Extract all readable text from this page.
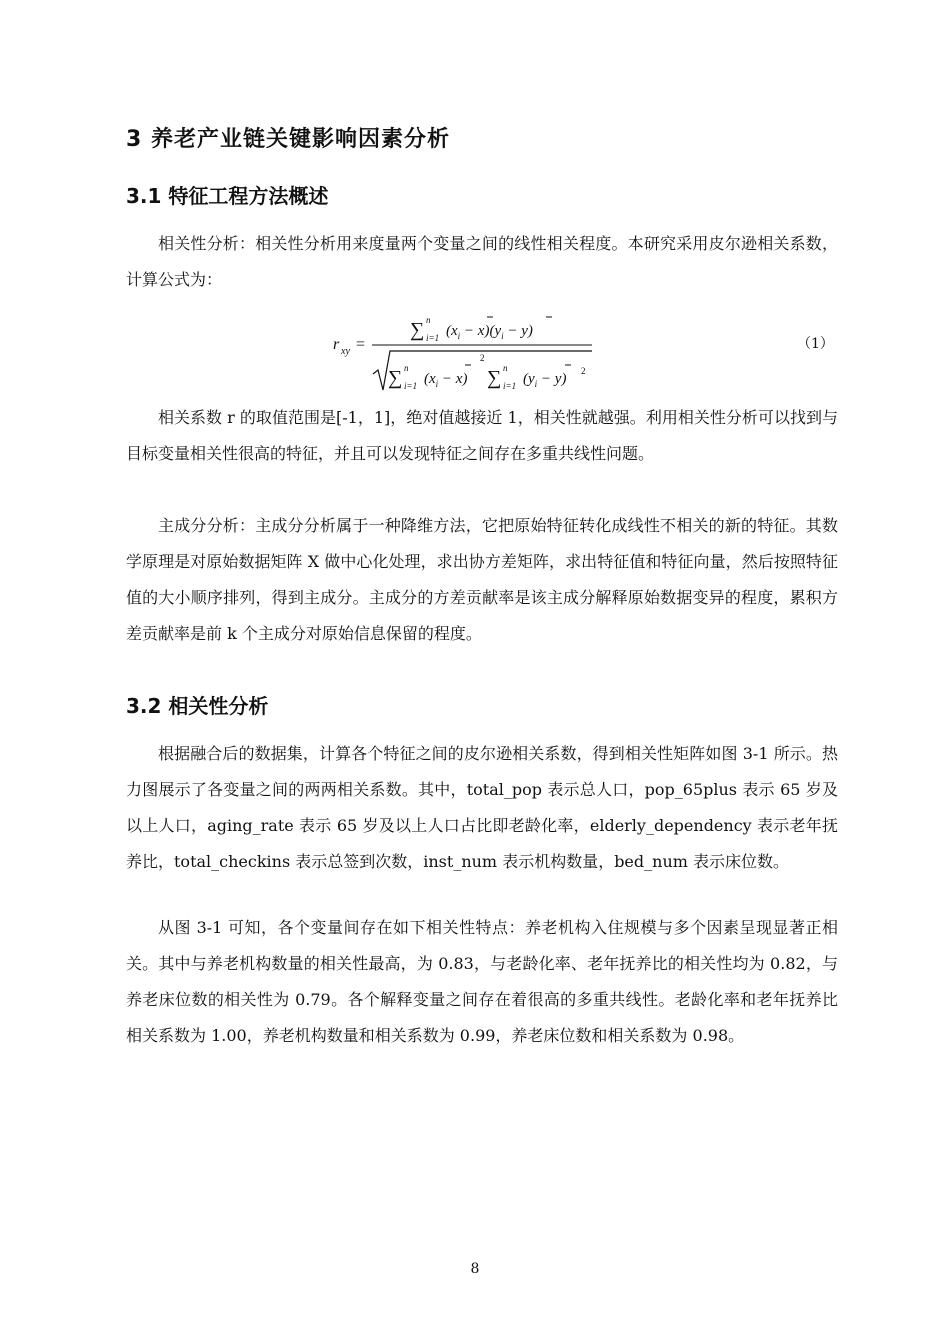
3 养老产业链关键影响因素分析
3.1 特征工程方法概述

相关性分析：相关性分析用来度量两个变量之间的线性相关程度。本研究采用皮尔逊相关系数，计算公式为：

r xy =
∑ n
i=1 $(x_i - x)(y_i - y)$
∑ n
i=1 $(x_i - x)$
2
∑ n
i=1 $(y_i - y)$ 2
（1）

相关系数 r 的取值范围是[-1，1]，绝对值越接近 1，相关性就越强。利用相关性分析可以找到与目标变量相关性很高的特征，并且可以发现特征之间存在多重共线性问题。

主成分分析：主成分分析属于一种降维方法，它把原始特征转化成线性不相关的新的特征。其数学原理是对原始数据矩阵 X 做中心化处理，求出协方差矩阵，求出特征值和特征向量，然后按照特征值的大小顺序排列，得到主成分。主成分的方差贡献率是该主成分解释原始数据变异的程度，累积方差贡献率是前 k 个主成分对原始信息保留的程度。

3.2 相关性分析

根据融合后的数据集，计算各个特征之间的皮尔逊相关系数，得到相关性矩阵如图 3-1 所示。热力图展示了各变量之间的两两相关系数。其中，total_pop 表示总人口，pop_65plus 表示 65 岁及以上人口，aging_rate 表示 65 岁及以上人口占比即老龄化率，elderly_dependency 表示老年抚养比，total_checkins 表示总签到次数，inst_num 表示机构数量，bed_num 表示床位数。

从图 3-1 可知，各个变量间存在如下相关性特点：养老机构入住规模与多个因素呈现显著正相关。其中与养老机构数量的相关性最高，为 0.83，与老龄化率、老年抚养比的相关性均为 0.82，与养老床位数的相关性为 0.79。各个解释变量之间存在着很高的多重共线性。老龄化率和老年抚养比相关系数为 1.00，养老机构数量和相关系数为 0.99，养老床位数和相关系数为 0.98。

8
